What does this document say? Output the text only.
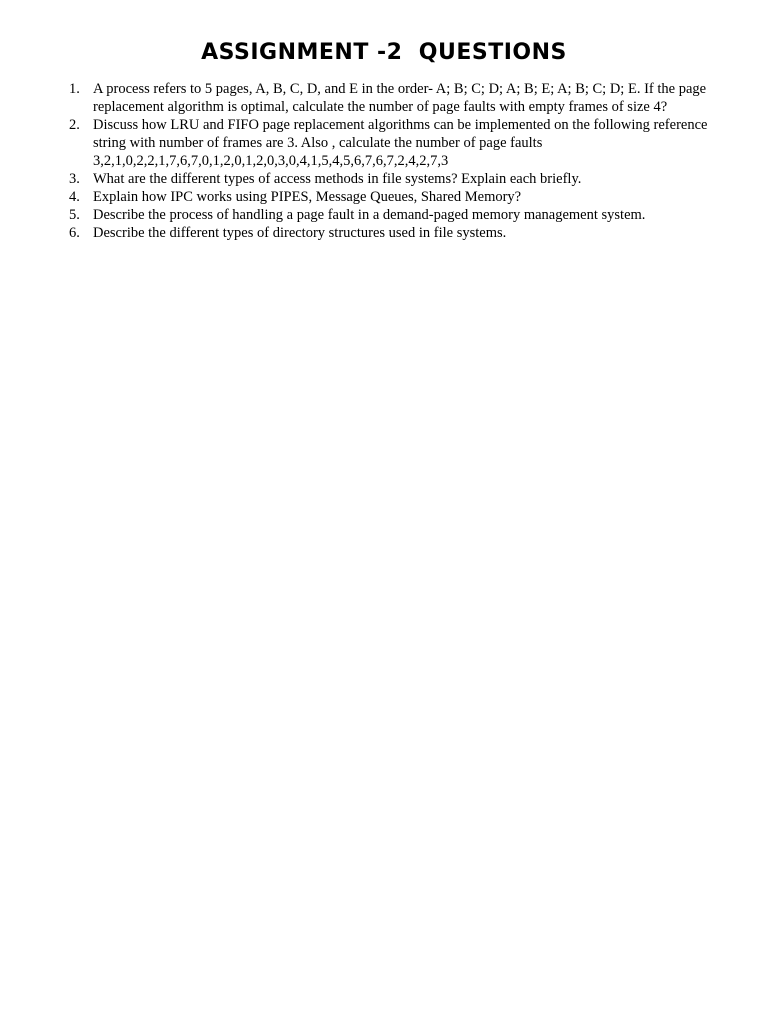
ASSIGNMENT -2  QUESTIONS
1. A process refers to 5 pages, A, B, C, D, and E in the order- A; B; C; D; A; B; E; A; B; C; D; E. If the page replacement algorithm is optimal, calculate the number of page faults with empty frames of size 4?
2. Discuss how LRU and FIFO page replacement algorithms can be implemented on the following reference string with number of frames are 3. Also , calculate the number of page faults 3,2,1,0,2,2,1,7,6,7,0,1,2,0,1,2,0,3,0,4,1,5,4,5,6,7,6,7,2,4,2,7,3
3. What are the different types of access methods in file systems? Explain each briefly.
4. Explain how IPC works using PIPES, Message Queues, Shared Memory?
5. Describe the process of handling a page fault in a demand-paged memory management system.
6. Describe the different types of directory structures used in file systems.
